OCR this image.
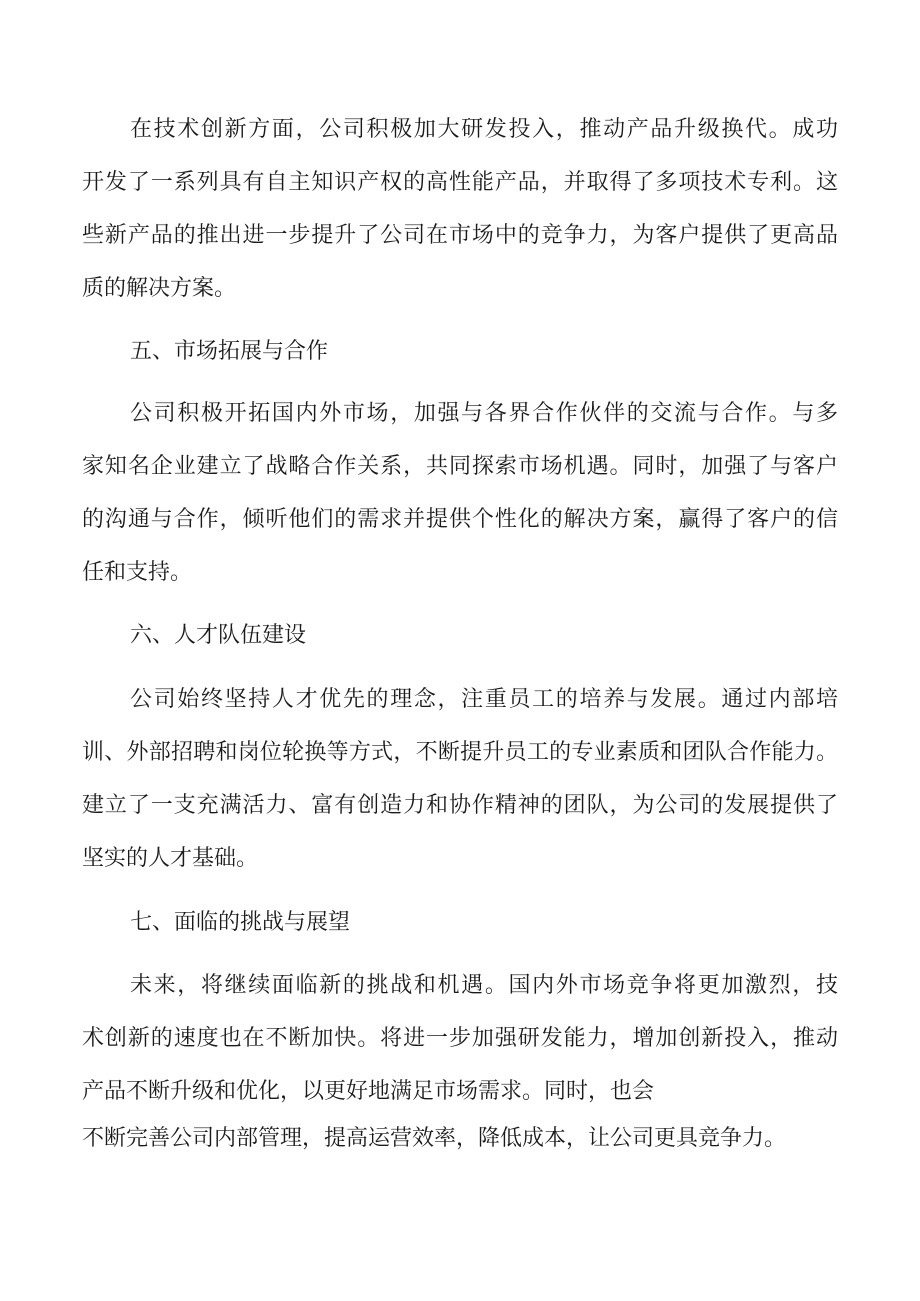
在技术创新方面，公司积极加大研发投入，推动产品升级换代。成功
开发了一系列具有自主知识产权的高性能产品，并取得了多项技术专利。这
些新产品的推出进一步提升了公司在市场中的竞争力，为客户提供了更高品
质的解决方案。
五、市场拓展与合作
公司积极开拓国内外市场，加强与各界合作伙伴的交流与合作。与多
家知名企业建立了战略合作关系，共同探索市场机遇。同时，加强了与客户
的沟通与合作，倾听他们的需求并提供个性化的解决方案，赢得了客户的信
任和支持。
六、人才队伍建设
公司始终坚持人才优先的理念，注重员工的培养与发展。通过内部培
训、外部招聘和岗位轮换等方式，不断提升员工的专业素质和团队合作能力。
建立了一支充满活力、富有创造力和协作精神的团队，为公司的发展提供了
坚实的人才基础。
七、面临的挑战与展望
未来，将继续面临新的挑战和机遇。国内外市场竞争将更加激烈，技
术创新的速度也在不断加快。将进一步加强研发能力，增加创新投入，推动
产品不断升级和优化，以更好地满足市场需求。同时，也会
不断完善公司内部管理，提高运营效率，降低成本，让公司更具竞争力。
